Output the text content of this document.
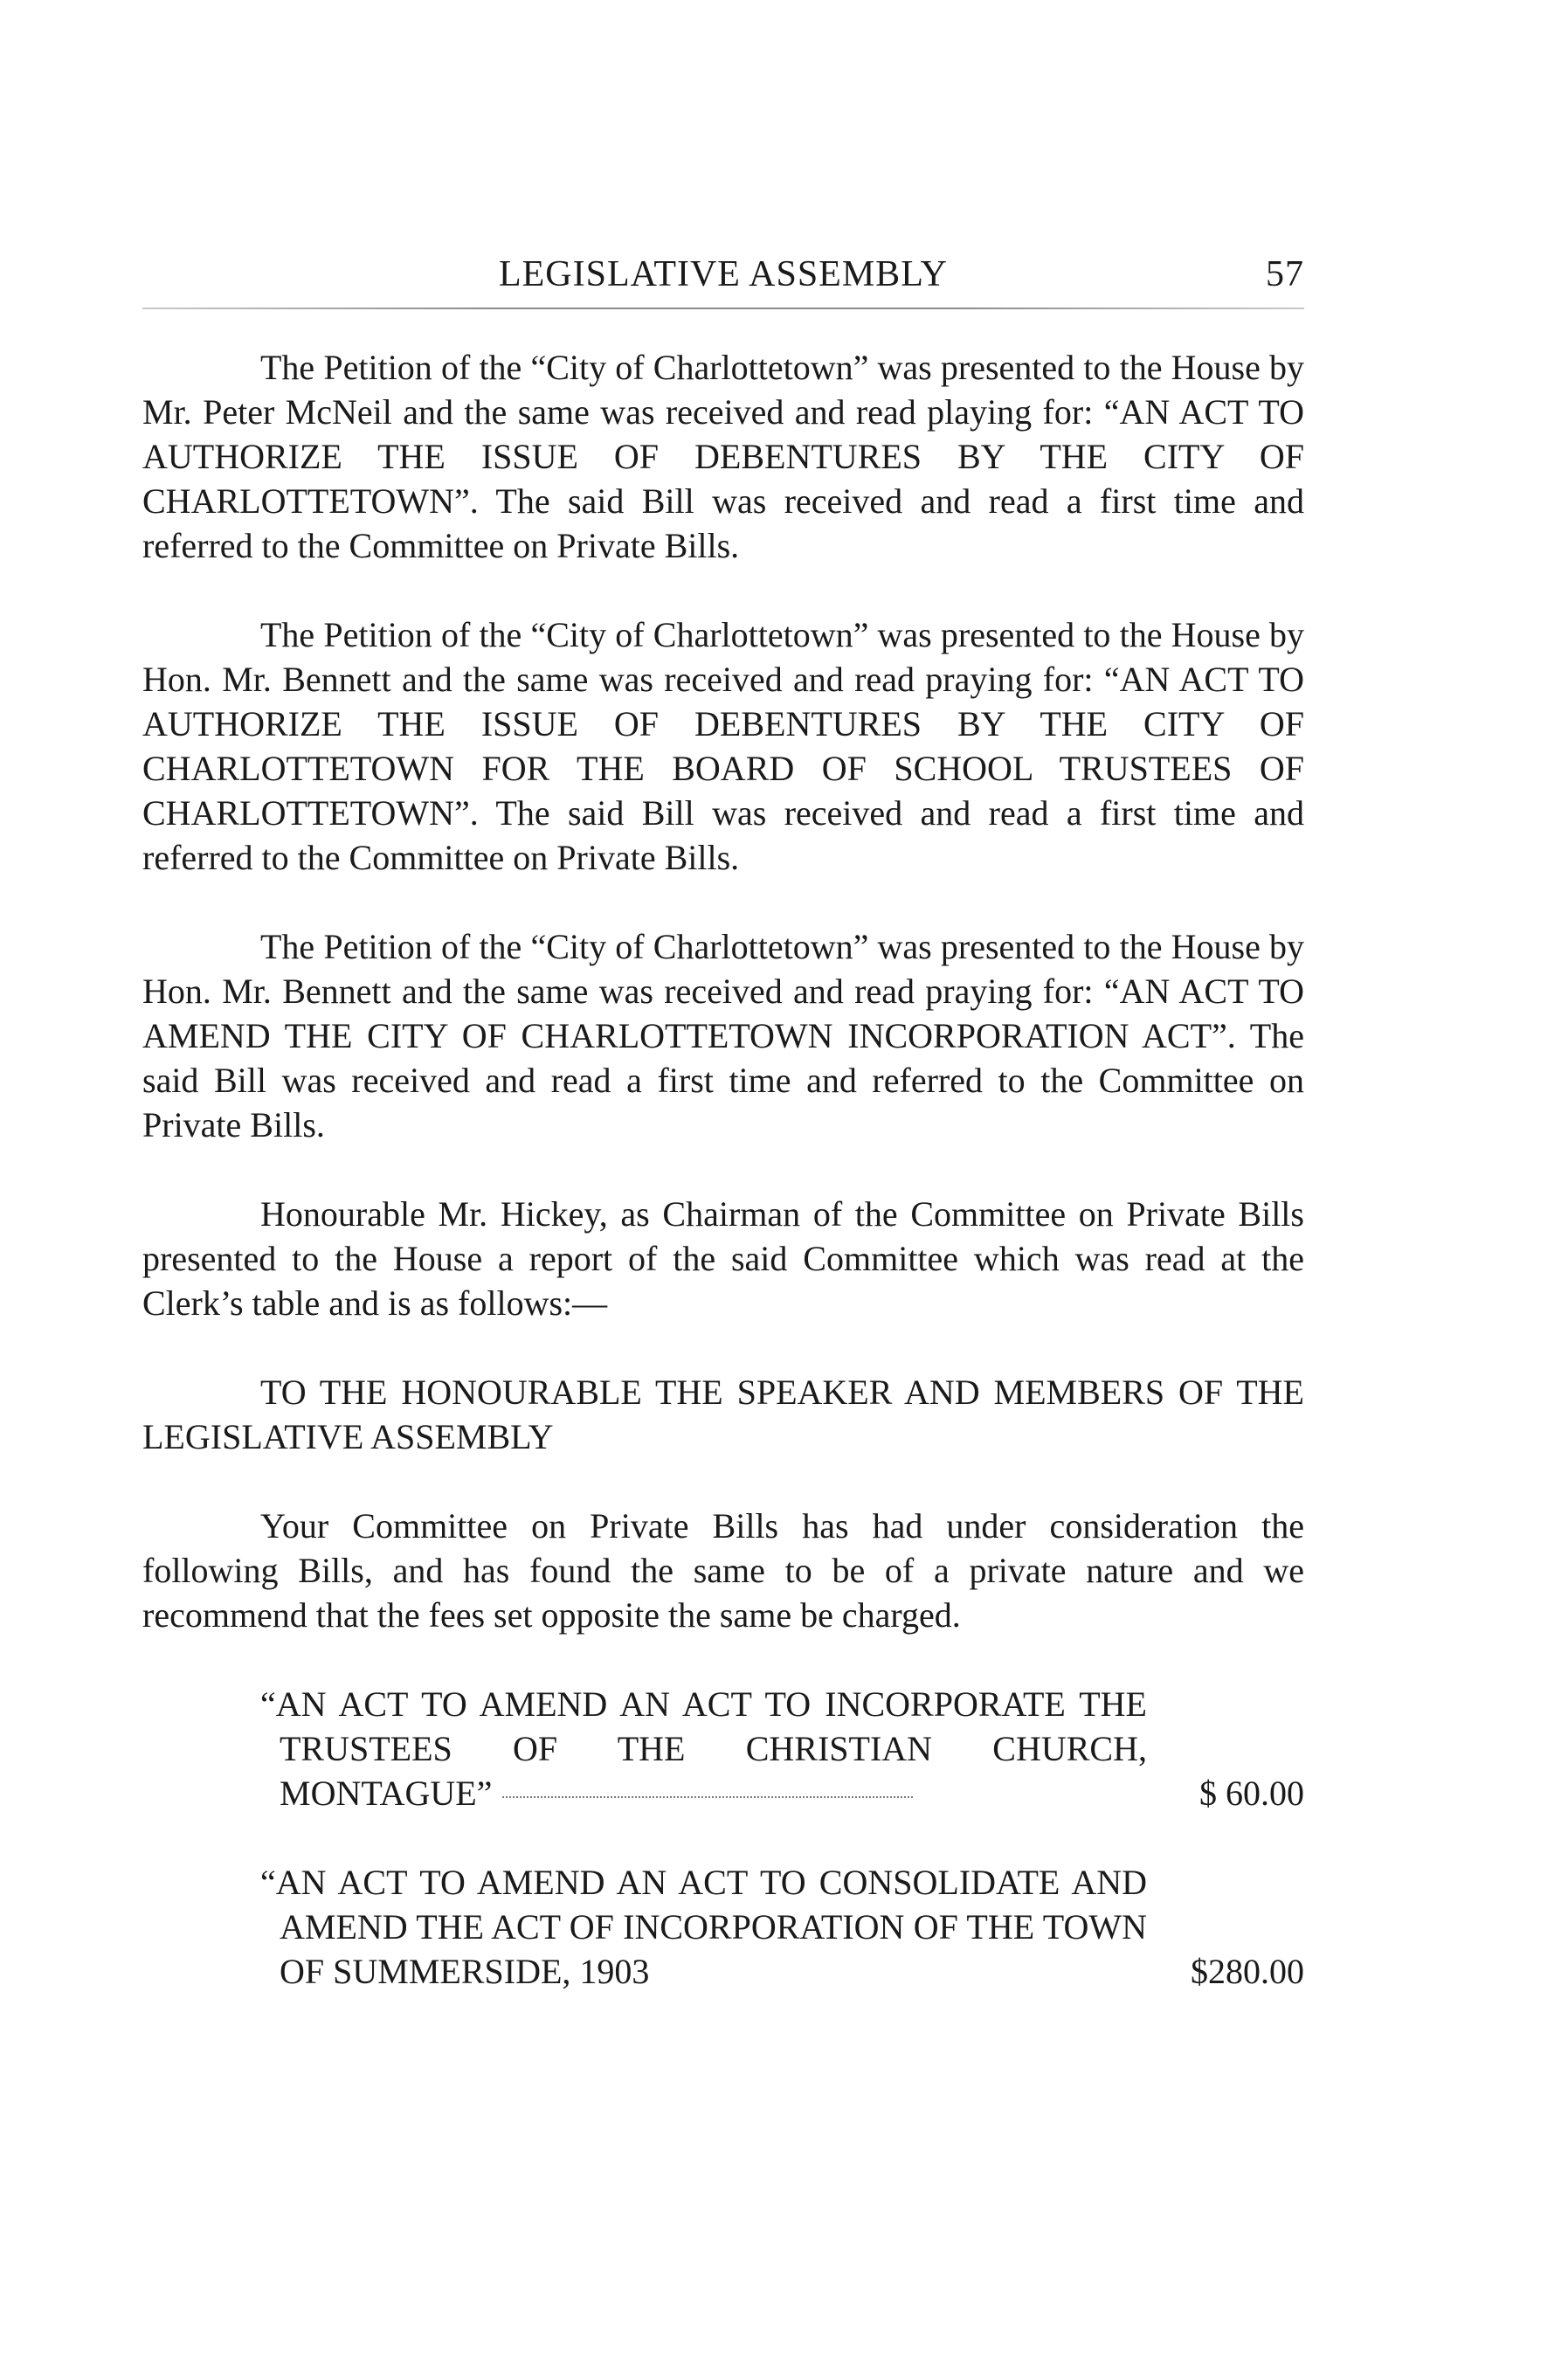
LEGISLATIVE ASSEMBLY	57

The Petition of the “City of Charlottetown” was presented to the House by Mr. Peter McNeil and the same was received and read playing for: “AN ACT TO AUTHORIZE THE ISSUE OF DEBENTURES BY THE CITY OF CHARLOTTETOWN”. The said Bill was received and read a first time and referred to the Committee on Private Bills.

The Petition of the “City of Charlottetown” was presented to the House by Hon. Mr. Bennett and the same was received and read praying for: “AN ACT TO AUTHORIZE THE ISSUE OF DEBENTURES BY THE CITY OF CHARLOTTETOWN FOR THE BOARD OF SCHOOL TRUSTEES OF CHARLOTTETOWN”. The said Bill was received and read a first time and referred to the Committee on Private Bills.

The Petition of the “City of Charlottetown” was presented to the House by Hon. Mr. Bennett and the same was received and read praying for: “AN ACT TO AMEND THE CITY OF CHARLOTTETOWN INCORPORATION ACT”. The said Bill was received and read a first time and referred to the Committee on Private Bills.

Honourable Mr. Hickey, as Chairman of the Committee on Private Bills presented to the House a report of the said Committee which was read at the Clerk’s table and is as follows:—

TO THE HONOURABLE THE SPEAKER AND MEMBERS OF THE LEGISLATIVE ASSEMBLY

Your Committee on Private Bills has had under consideration the following Bills, and has found the same to be of a private nature and we recommend that the fees set opposite the same be charged.

“AN ACT TO AMEND AN ACT TO INCORPORATE THE TRUSTEES OF THE CHRISTIAN CHURCH, MONTAGUE”	$ 60.00
“AN ACT TO AMEND AN ACT TO CONSOLIDATE AND AMEND THE ACT OF INCORPORATION OF THE TOWN OF SUMMERSIDE, 1903	$280.00
